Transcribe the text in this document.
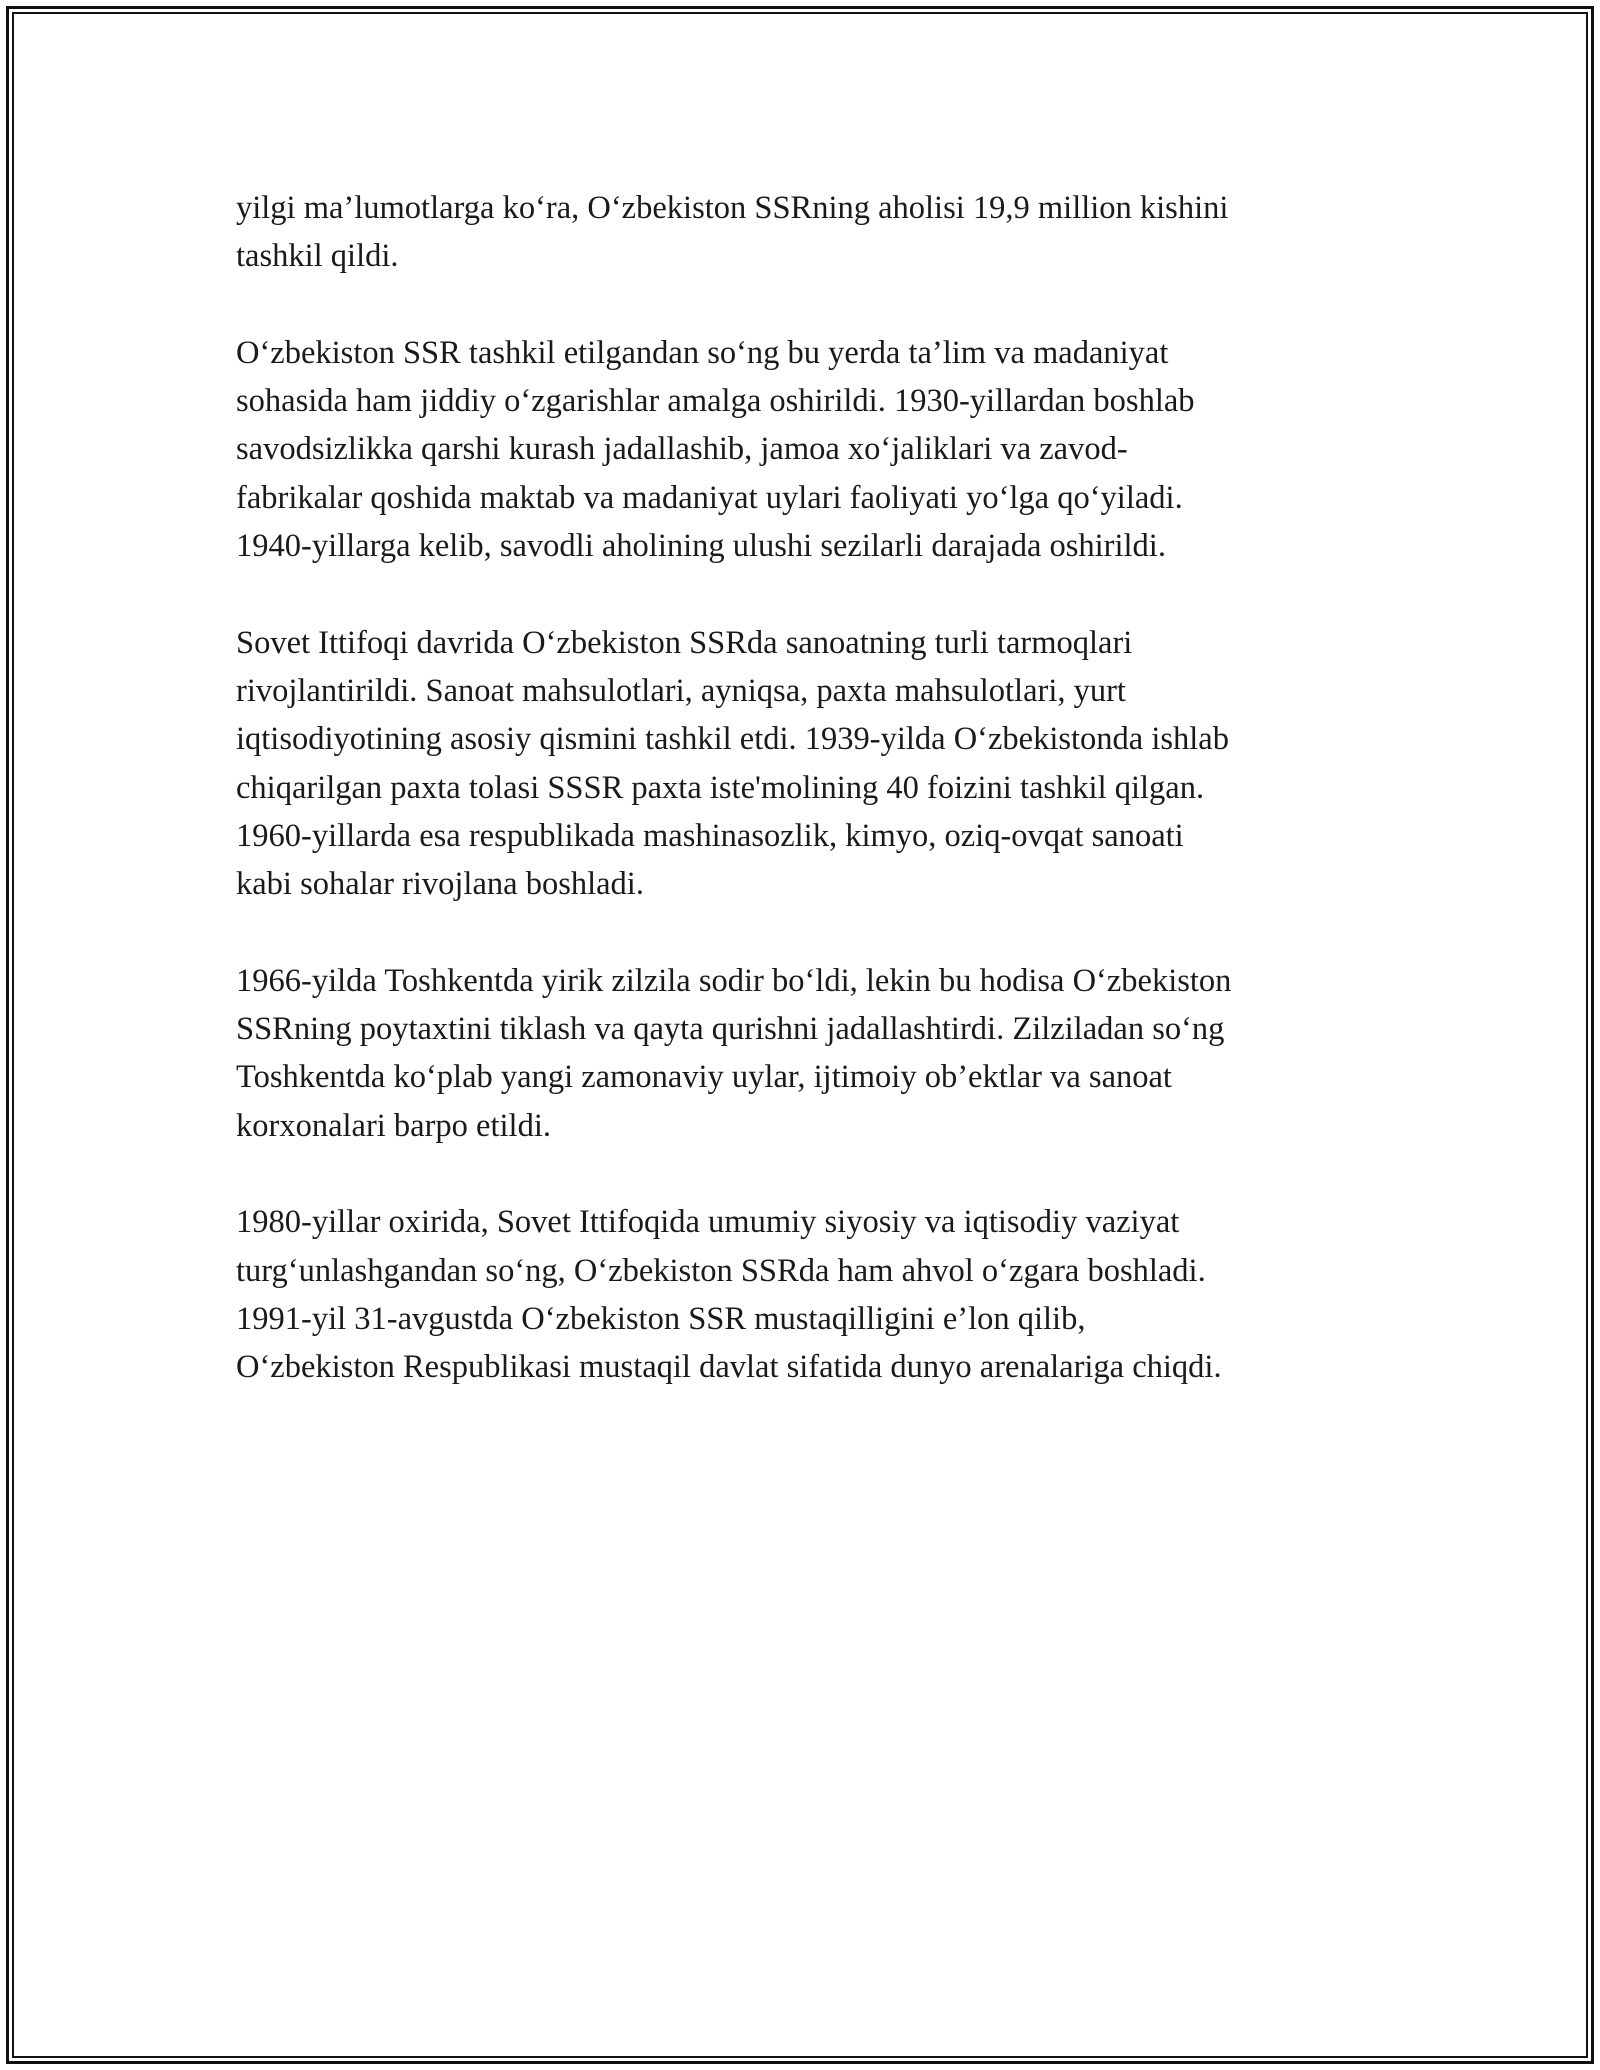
yilgi ma’lumotlarga ko‘ra, O‘zbekiston SSRning aholisi 19,9 million kishini
tashkil qildi.

O‘zbekiston SSR tashkil etilgandan so‘ng bu yerda ta’lim va madaniyat
sohasida ham jiddiy o‘zgarishlar amalga oshirildi. 1930-yillardan boshlab
savodsizlikka qarshi kurash jadallashib, jamoa xo‘jaliklari va zavod-
fabrikalar qoshida maktab va madaniyat uylari faoliyati yo‘lga qo‘yiladi.
1940-yillarga kelib, savodli aholining ulushi sezilarli darajada oshirildi.

Sovet Ittifoqi davrida O‘zbekiston SSRda sanoatning turli tarmoqlari
rivojlantirildi. Sanoat mahsulotlari, ayniqsa, paxta mahsulotlari, yurt
iqtisodiyotining asosiy qismini tashkil etdi. 1939-yilda O‘zbekistonda ishlab
chiqarilgan paxta tolasi SSSR paxta iste'molining 40 foizini tashkil qilgan.
1960-yillarda esa respublikada mashinasozlik, kimyo, oziq-ovqat sanoati
kabi sohalar rivojlana boshladi.

1966-yilda Toshkentda yirik zilzila sodir bo‘ldi, lekin bu hodisa O‘zbekiston
SSRning poytaxtini tiklash va qayta qurishni jadallashtirdi. Zilziladan so‘ng
Toshkentda ko‘plab yangi zamonaviy uylar, ijtimoiy ob’ektlar va sanoat
korxonalari barpo etildi.

1980-yillar oxirida, Sovet Ittifoqida umumiy siyosiy va iqtisodiy vaziyat
turg‘unlashgandan so‘ng, O‘zbekiston SSRda ham ahvol o‘zgara boshladi.
1991-yil 31-avgustda O‘zbekiston SSR mustaqilligini e’lon qilib,
O‘zbekiston Respublikasi mustaqil davlat sifatida dunyo arenalariga chiqdi.
